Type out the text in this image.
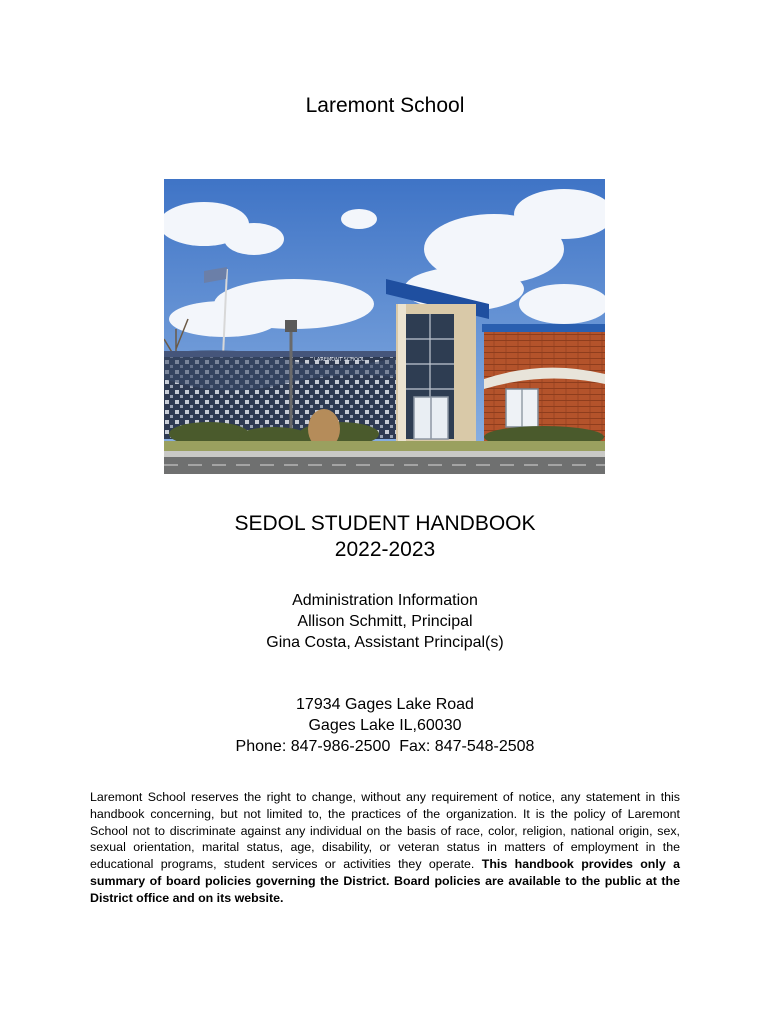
Laremont School
LAREMONT SCHOOL
SEDOL STUDENT HANDBOOK
2022-2023
Administration Information
Allison Schmitt, Principal
Gina Costa, Assistant Principal(s)
17934 Gages Lake Road
Gages Lake IL,60030
Phone: 847-986-2500  Fax: 847-548-2508
Laremont School reserves the right to change, without any requirement of notice, any statement in this handbook concerning, but not limited to, the practices of the organization. It is the policy of Laremont School not to discriminate against any individual on the basis of race, color, religion, national origin, sex, sexual orientation, marital status, age, disability, or veteran status in matters of employment in the educational programs, student services or activities they operate. This handbook provides only a summary of board policies governing the District. Board policies are available to the public at the District office and on its website.
